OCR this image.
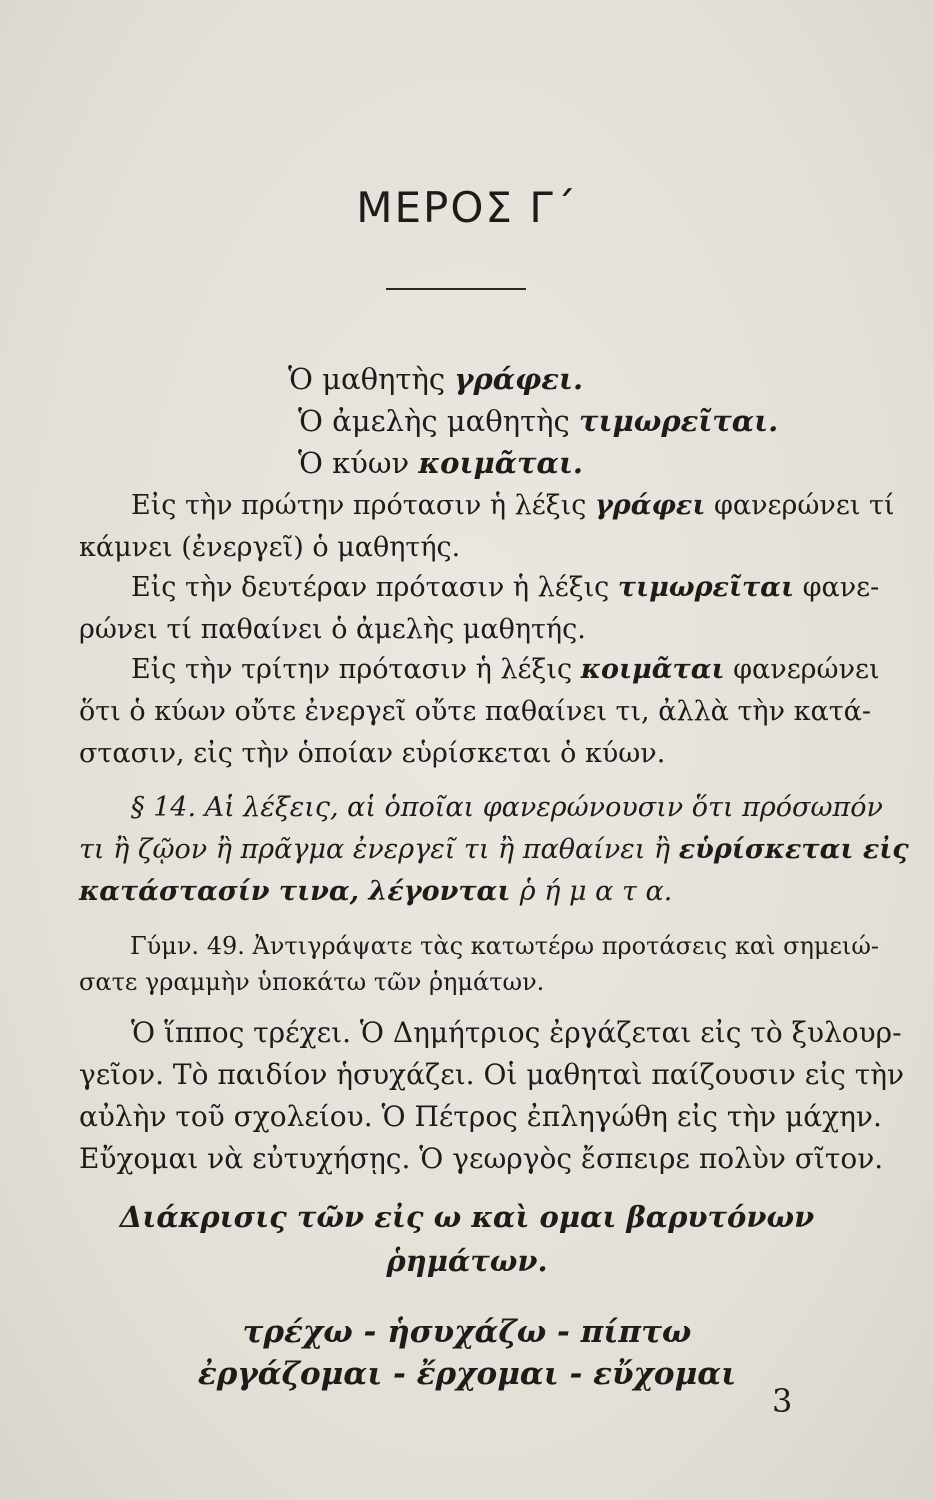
ΜΕΡΟΣ Γ΄
Ὁ μαθητὴς γράφει.
Ὁ ἀμελὴς μαθητὴς τιμωρεῖται.
Ὁ κύων κοιμᾶται.
Εἰς τὴν πρώτην πρότασιν ἡ λέξις γράφει φανερώνει τί
κάμνει (ἐνεργεῖ) ὁ μαθητής.
Εἰς τὴν δευτέραν πρότασιν ἡ λέξις τιμωρεῖται φανε-
ρώνει τί παθαίνει ὁ ἀμελὴς μαθητής.
Εἰς τὴν τρίτην πρότασιν ἡ λέξις κοιμᾶται φανερώνει
ὅτι ὁ κύων οὔτε ἐνεργεῖ οὔτε παθαίνει τι, ἀλλὰ τὴν κατά-
στασιν, εἰς τὴν ὁποίαν εὑρίσκεται ὁ κύων.
§ 14. Αἱ λέξεις, αἱ ὁποῖαι φανερώνουσιν ὅτι πρόσωπόν
τι ἢ ζῷον ἢ πρᾶγμα ἐνεργεῖ τι ἢ παθαίνει ἢ εὑρίσκεται εἰς
κατάστασίν τινα, λέγονται ῥ ή μ α τ α.
Γύμν. 49. Ἀντιγράψατε τὰς κατωτέρω προτάσεις καὶ σημειώ-
σατε γραμμὴν ὑποκάτω τῶν ῥημάτων.
Ὁ ἵππος τρέχει. Ὁ Δημήτριος ἐργάζεται εἰς τὸ ξυλουρ-
γεῖον. Τὸ παιδίον ἡσυχάζει. Οἱ μαθηταὶ παίζουσιν εἰς τὴν
αὐλὴν τοῦ σχολείου. Ὁ Πέτρος ἐπληγώθη εἰς τὴν μάχην.
Εὔχομαι νὰ εὐτυχήσῃς. Ὁ γεωργὸς ἔσπειρε πολὺν σῖτον.
Διάκρισις τῶν εἰς ω καὶ ομαι βαρυτόνων
ῥημάτων.
τρέχω - ἡσυχάζω - πίπτω
ἐργάζομαι - ἔρχομαι - εὔχομαι
3
